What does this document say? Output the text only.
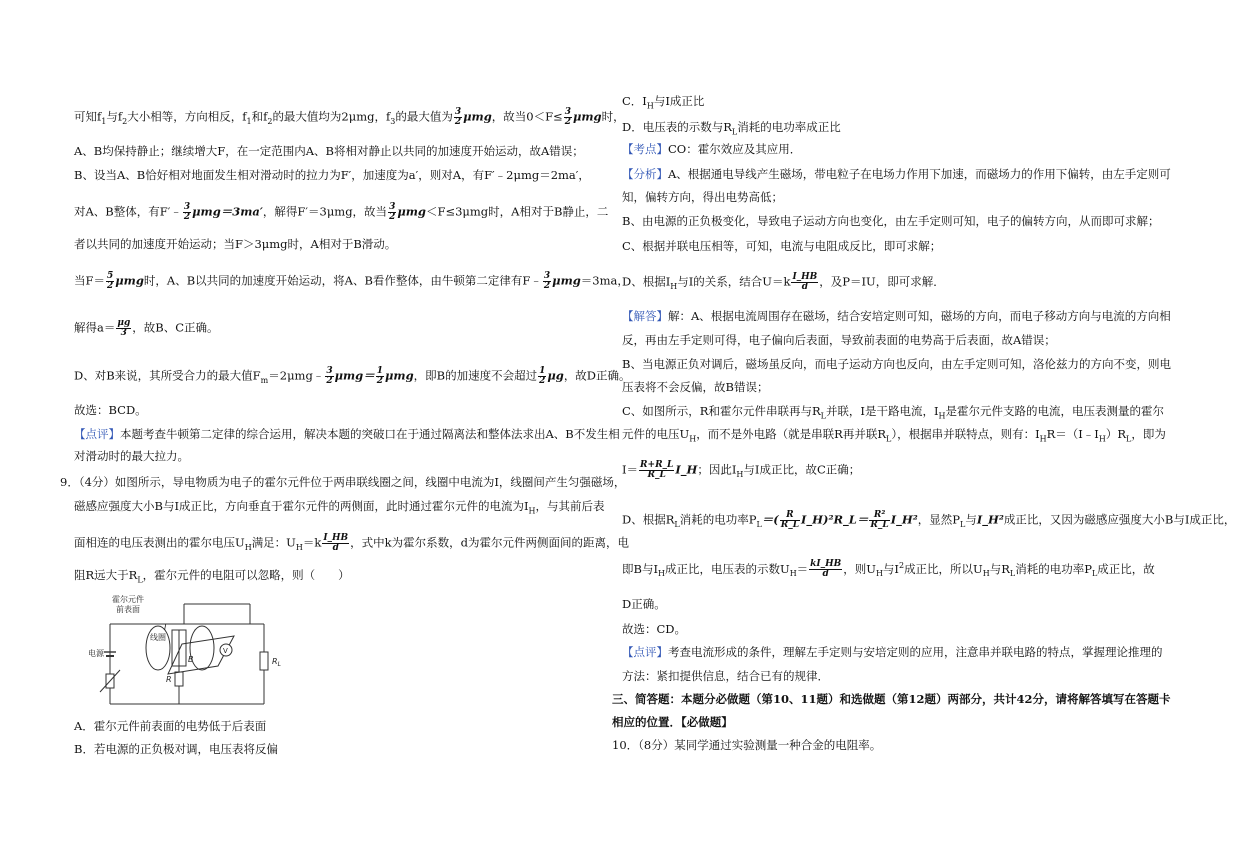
可知$f_1$与$f_2$大小相等，方向相反，$f_1$和$f_2$的最大值均为2μmg，$f_3$的最大值为 $\frac{3}{2}$ μmg，故当$0<F\le \frac{3}{2}$ μmg时，
A、B均保持静止；继续增大F，在一定范围内A、B将相对静止以共同的加速度开始运动，故A错误；
B、设当A、B恰好相对地面发生相对滑动时的拉力为F′，加速度为a′，则对A，有F′﹣2μmg＝2ma′，
对A、B整体，有F′﹣ $\frac{3}{2} \mu mg=3ma'$，解得F′＝3μmg，故当 $\frac{3}{2} \mu mg<F\le 3\mu mg$时，A相对于B静止，二
者以共同的加速度开始运动；当F＞3μmg时，A相对于B滑动。
当$F= \frac{5}{2}$ μmg时，A、B以共同的加速度开始运动，将A、B看作整体，由牛顿第二定律有F﹣ $\frac{3}{2} \mu mg=3ma$，
解得$a= \frac{\mu g}{3}$ ，故B、C正确。
D、对B来说，其所受合力的最大值$F_m=2\mu mg﹣ \frac{3}{2} \mu mg= \frac{1}{2}$ μmg，即B的加速度不会超过 $\frac{1}{2}$ μg，故D正确。
故选：BCD。
【点评】本题考查牛顿第二定律的综合运用，解决本题的突破口在于通过隔离法和整体法求出A、B不发生相
对滑动时的最大拉力。
9．（4分）如图所示，导电物质为电子的霍尔元件位于两串联线圈之间，线圈中电流为I，线圈间产生匀强磁场，
磁感应强度大小B与I成正比，方向垂直于霍尔元件的两侧面，此时通过霍尔元件的电流为$I_H$，与其前后表
面相连的电压表测出的霍尔电压$U_H$满足：$U_H=k \frac{I\_HB}{d}$ ，式中k为霍尔系数，d为霍尔元件两侧面间的距离，电
阻R远大于$R_L$，霍尔元件的电阻可以忽略，则（　　）
霍尔元件
前表面
线圈
电源
I
B
R
$R_L$
V
A．霍尔元件前表面的电势低于后表面
B．若电源的正负极对调，电压表将反偏
C．$I_H$与I成正比
D．电压表的示数与$R_L$消耗的电功率成正比
【考点】CO：霍尔效应及其应用．
【分析】A、根据通电导线产生磁场，带电粒子在电场力作用下加速，而磁场力的作用下偏转，由左手定则可
知，偏转方向，得出电势高低；
B、由电源的正负极变化，导致电子运动方向也变化，由左手定则可知，电子的偏转方向，从而即可求解；
C、根据并联电压相等，可知，电流与电阻成反比，即可求解；
D、根据$I_H$与I的关系，结合$U=k \frac{I\_HB}{d}$ ，及P＝IU，即可求解．
【解答】解：A、根据电流周围存在磁场，结合安培定则可知，磁场的方向，而电子移动方向与电流的方向相
反，再由左手定则可得，电子偏向后表面，导致前表面的电势高于后表面，故A错误；
B、当电源正负对调后，磁场虽反向，而电子运动方向也反向，由左手定则可知，洛伦兹力的方向不变，则电
压表将不会反偏，故B错误；
C、如图所示，R和霍尔元件串联再与$R_L$并联，I是干路电流，$I_H$是霍尔元件支路的电流，电压表测量的霍尔
元件的电压$U_H$，而不是外电路（就是串联R再并联$R_L$），根据串并联特点，则有：$I_HR=(I﹣I_H)R_L$，即为
$I= \frac{R+R\_L}{R\_L}$ I_H；因此$I_H$与I成正比，故C正确；
D、根据$R_L$消耗的电功率$P_L=( \frac{R}{R\_L}$ I_H)²R_L＝ $\frac{\text{R²}}{R\_L}$ I_H²，显然$P_L$与I_H²成正比，又因为磁感应强度大小B与I成正比，
即B与$I_H$成正比，电压表的示数$U_H= \frac{kI\_HB}{d}$ ，则$U_H$与$I^2$成正比，所以$U_H$与$R_L$消耗的电功率$P_L$成正比，故
D正确。
故选：CD。
【点评】考查电流形成的条件，理解左手定则与安培定则的应用，注意串并联电路的特点，掌握理论推理的
方法：紧扣提供信息，结合已有的规律．
三、简答题：本题分必做题（第10、11题）和选做题（第12题）两部分，共计42分，请将解答填写在答题卡
相应的位置．【必做题】
10．（8分）某同学通过实验测量一种合金的电阻率。
